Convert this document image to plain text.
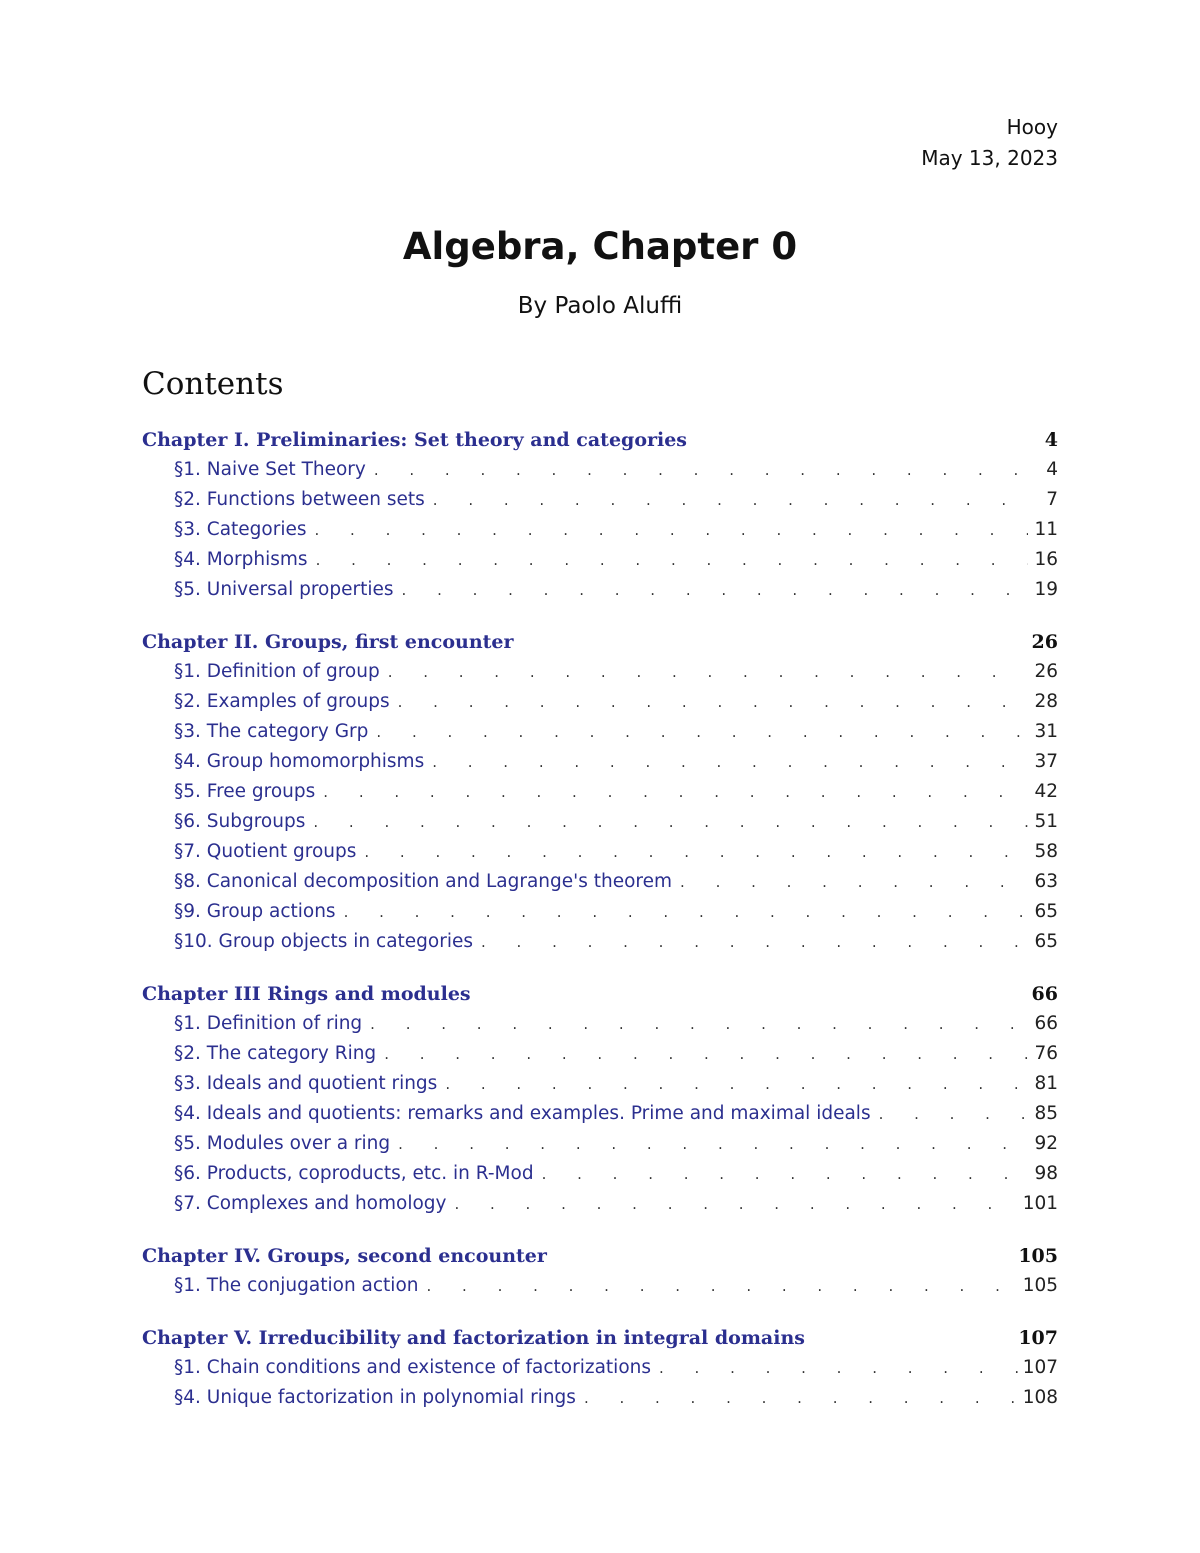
Hooy
May 13, 2023
Algebra, Chapter 0
By Paolo Aluffi
Contents
Chapter I. Preliminaries: Set theory and categories	4
§1. Naive Set Theory . . .	4
§2. Functions between sets . . .	7
§3. Categories . . .	11
§4. Morphisms . . .	16
§5. Universal properties . . .	19
Chapter II. Groups, first encounter	26
§1. Definition of group . . .	26
§2. Examples of groups . . .	28
§3. The category Grp . . .	31
§4. Group homomorphisms . . .	37
§5. Free groups . . .	42
§6. Subgroups . . .	51
§7. Quotient groups . . .	58
§8. Canonical decomposition and Lagrange's theorem . . .	63
§9. Group actions . . .	65
§10. Group objects in categories . . .	65
Chapter III Rings and modules	66
§1. Definition of ring . . .	66
§2. The category Ring . . .	76
§3. Ideals and quotient rings . . .	81
§4. Ideals and quotients: remarks and examples. Prime and maximal ideals . . .	85
§5. Modules over a ring . . .	92
§6. Products, coproducts, etc. in R-Mod . . .	98
§7. Complexes and homology . . .	101
Chapter IV. Groups, second encounter	105
§1. The conjugation action . . .	105
Chapter V. Irreducibility and factorization in integral domains	107
§1. Chain conditions and existence of factorizations . . .	107
§4. Unique factorization in polynomial rings . . .	108
